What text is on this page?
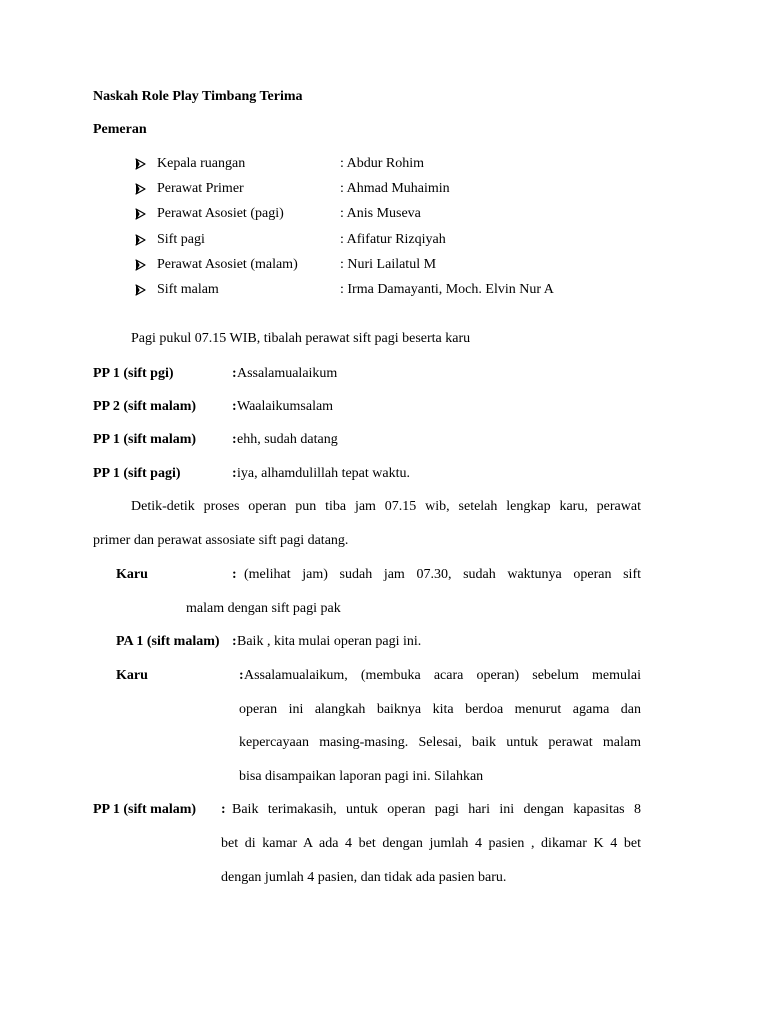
Naskah Role Play Timbang Terima
Pemeran
Kepala ruangan	: Abdur Rohim
Perawat Primer	: Ahmad Muhaimin
Perawat Asosiet (pagi)	: Anis Museva
Sift pagi	: Afifatur Rizqiyah
Perawat Asosiet (malam)	: Nuri Lailatul M
Sift malam	: Irma Damayanti, Moch. Elvin Nur A
Pagi pukul 07.15 WIB, tibalah perawat sift pagi beserta karu
PP 1 (sift pgi)	: Assalamualaikum
PP 2 (sift malam)	: Waalaikumsalam
PP 1 (sift malam)	: ehh, sudah datang
PP 1 (sift pagi)	: iya, alhamdulillah tepat waktu.
Detik-detik proses operan pun tiba jam 07.15 wib, setelah lengkap karu, perawat
primer dan perawat assosiate sift pagi datang.
Karu	: (melihat jam) sudah jam 07.30, sudah waktunya operan sift
malam dengan sift pagi pak
PA 1 (sift malam) : Baik , kita mulai operan pagi ini.
Karu	: Assalamualaikum, (membuka acara operan) sebelum memulai
operan ini alangkah baiknya kita berdoa menurut agama dan
kepercayaan masing-masing. Selesai, baik untuk perawat malam
bisa disampaikan laporan pagi ini. Silahkan
PP 1 (sift malam) : Baik terimakasih, untuk operan pagi hari ini dengan kapasitas 8
bet di kamar A ada 4 bet dengan jumlah 4 pasien , dikamar K 4 bet
dengan jumlah 4 pasien, dan tidak ada pasien baru.
